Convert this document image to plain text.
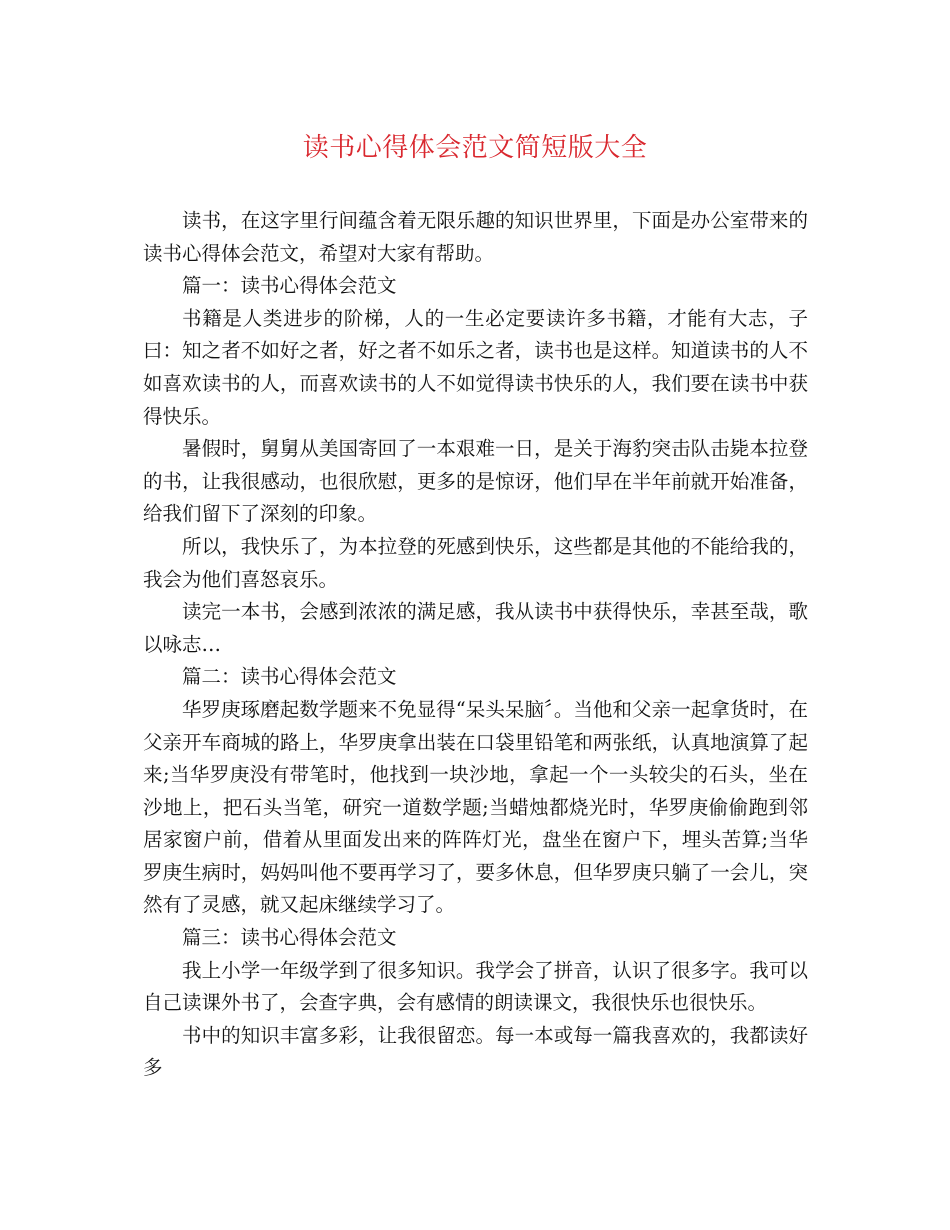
读书心得体会范文简短版大全

读书，在这字里行间蕴含着无限乐趣的知识世界里，下面是办公室带来的读书心得体会范文，希望对大家有帮助。

篇一：读书心得体会范文

书籍是人类进步的阶梯，人的一生必定要读许多书籍，才能有大志，子曰：知之者不如好之者，好之者不如乐之者，读书也是这样。知道读书的人不如喜欢读书的人，而喜欢读书的人不如觉得读书快乐的人，我们要在读书中获得快乐。

暑假时，舅舅从美国寄回了一本艰难一日，是关于海豹突击队击毙本拉登的书，让我很感动，也很欣慰，更多的是惊讶，他们早在半年前就开始准备，给我们留下了深刻的印象。

所以，我快乐了，为本拉登的死感到快乐，这些都是其他的不能给我的，我会为他们喜怒哀乐。

读完一本书，会感到浓浓的满足感，我从读书中获得快乐，幸甚至哉，歌以咏志…

篇二：读书心得体会范文

华罗庚琢磨起数学题来不免显得“呆头呆脑〞。当他和父亲一起拿货时，在父亲开车商城的路上，华罗庚拿出装在口袋里铅笔和两张纸，认真地演算了起来;当华罗庚没有带笔时，他找到一块沙地，拿起一个一头较尖的石头，坐在沙地上，把石头当笔，研究一道数学题;当蜡烛都烧光时，华罗庚偷偷跑到邻居家窗户前，借着从里面发出来的阵阵灯光，盘坐在窗户下，埋头苦算;当华罗庚生病时，妈妈叫他不要再学习了，要多休息，但华罗庚只躺了一会儿，突然有了灵感，就又起床继续学习了。

篇三：读书心得体会范文

我上小学一年级学到了很多知识。我学会了拼音，认识了很多字。我可以自己读课外书了，会查字典，会有感情的朗读课文，我很快乐也很快乐。

书中的知识丰富多彩，让我很留恋。每一本或每一篇我喜欢的，我都读好多
